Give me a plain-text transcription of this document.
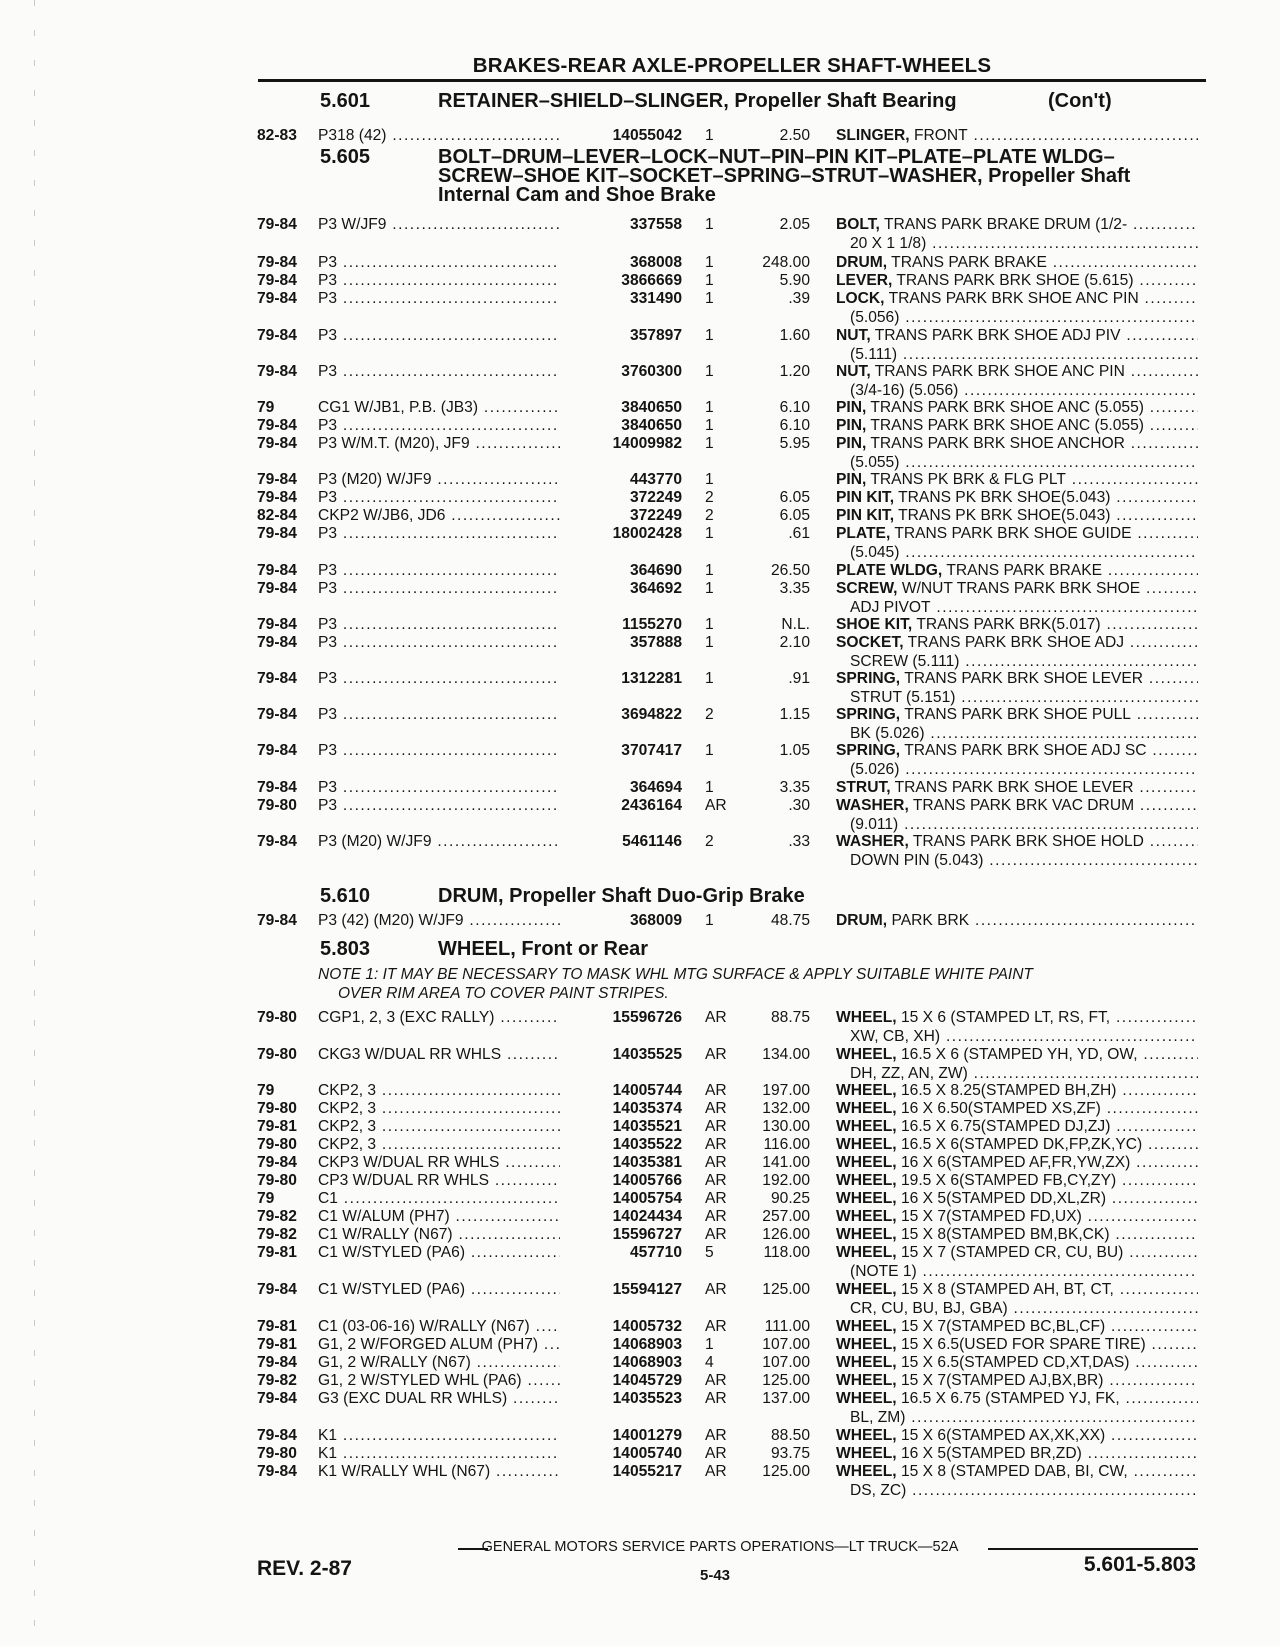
BRAKES-REAR AXLE-PROPELLER SHAFT-WHEELS
5.601	RETAINER–SHIELD–SLINGER, Propeller Shaft Bearing	(Con't)
82-83 P318 (42) .....	14055042 1	2.50 SLINGER, FRONT .....
5.605	BOLT–DRUM–LEVER–LOCK–NUT–PIN–PIN KIT–PLATE–PLATE WLDG–SCREW–SHOE KIT–SOCKET–SPRING–STRUT–WASHER, Propeller Shaft Internal Cam and Shoe Brake
79-84 P3 W/JF9 .....	337558 1	2.05 BOLT, TRANS PARK BRAKE DRUM (1/2- .....
20 X 1 1/8) .....
79-84 P3 .....	368008 1	248.00 DRUM, TRANS PARK BRAKE .....
79-84 P3 .....	3866669 1	5.90 LEVER, TRANS PARK BRK SHOE (5.615) .....
79-84 P3 .....	331490 1	.39 LOCK, TRANS PARK BRK SHOE ANC PIN .....
(5.056) .....
79-84 P3 .....	357897 1	1.60 NUT, TRANS PARK BRK SHOE ADJ PIV .....
(5.111) .....
79-84 P3 .....	3760300 1	1.20 NUT, TRANS PARK BRK SHOE ANC PIN .....
(3/4-16) (5.056) .....
79	CG1 W/JB1, P.B. (JB3) .....	3840650 1	6.10 PIN, TRANS PARK BRK SHOE ANC (5.055) .....
79-84 P3 .....	3840650 1	6.10 PIN, TRANS PARK BRK SHOE ANC (5.055) .....
79-84 P3 W/M.T. (M20), JF9 .....	14009982 1	5.95 PIN, TRANS PARK BRK SHOE ANCHOR .....
(5.055) .....
79-84 P3 (M20) W/JF9 .....	443770 1	PIN, TRANS PK BRK & FLG PLT .....
79-84 P3 .....	372249 2	6.05 PIN KIT, TRANS PK BRK SHOE(5.043) .....
82-84 CKP2 W/JB6, JD6 .....	372249 2	6.05 PIN KIT, TRANS PK BRK SHOE(5.043) .....
79-84 P3 .....	18002428 1	.61 PLATE, TRANS PARK BRK SHOE GUIDE .....
(5.045) .....
79-84 P3 .....	364690 1	26.50 PLATE WLDG, TRANS PARK BRAKE .....
79-84 P3 .....	364692 1	3.35 SCREW, W/NUT TRANS PARK BRK SHOE .....
ADJ PIVOT .....
79-84 P3 .....	1155270 1	N.L. SHOE KIT, TRANS PARK BRK(5.017) .....
79-84 P3 .....	357888 1	2.10 SOCKET, TRANS PARK BRK SHOE ADJ .....
SCREW (5.111) .....
79-84 P3 .....	1312281 1	.91 SPRING, TRANS PARK BRK SHOE LEVER .....
STRUT (5.151) .....
79-84 P3 .....	3694822 2	1.15 SPRING, TRANS PARK BRK SHOE PULL .....
BK (5.026) .....
79-84 P3 .....	3707417 1	1.05 SPRING, TRANS PARK BRK SHOE ADJ SC .....
(5.026) .....
79-84 P3 .....	364694 1	3.35 STRUT, TRANS PARK BRK SHOE LEVER .....
79-80 P3 .....	2436164 AR	.30 WASHER, TRANS PARK BRK VAC DRUM .....
(9.011) .....
79-84 P3 (M20) W/JF9 .....	5461146 2	.33 WASHER, TRANS PARK BRK SHOE HOLD .....
DOWN PIN (5.043) .....
5.610	DRUM, Propeller Shaft Duo-Grip Brake
79-84 P3 (42) (M20) W/JF9 .....	368009 1	48.75 DRUM, PARK BRK .....
5.803	WHEEL, Front or Rear
NOTE 1: IT MAY BE NECESSARY TO MASK WHL MTG SURFACE & APPLY SUITABLE WHITE PAINT
OVER RIM AREA TO COVER PAINT STRIPES.
79-80 CGP1, 2, 3 (EXC RALLY) .....	15596726 AR	88.75 WHEEL, 15 X 6 (STAMPED LT, RS, FT, .....
XW, CB, XH) .....
79-80 CKG3 W/DUAL RR WHLS .....	14035525 AR	134.00 WHEEL, 16.5 X 6 (STAMPED YH, YD, OW, .....
DH, ZZ, AN, ZW) .....
79	CKP2, 3 .....	14005744 AR	197.00 WHEEL, 16.5 X 8.25(STAMPED BH,ZH) .....
79-80 CKP2, 3 .....	14035374 AR	132.00 WHEEL, 16 X 6.50(STAMPED XS,ZF) .....
79-81 CKP2, 3 .....	14035521 AR	130.00 WHEEL, 16.5 X 6.75(STAMPED DJ,ZJ) .....
79-80 CKP2, 3 .....	14035522 AR	116.00 WHEEL, 16.5 X 6(STAMPED DK,FP,ZK,YC) .....
79-84 CKP3 W/DUAL RR WHLS .....	14035381 AR	141.00 WHEEL, 16 X 6(STAMPED AF,FR,YW,ZX) .....
79-80 CP3 W/DUAL RR WHLS .....	14005766 AR	192.00 WHEEL, 19.5 X 6(STAMPED FB,CY,ZY) .....
79	C1 .....	14005754 AR	90.25 WHEEL, 16 X 5(STAMPED DD,XL,ZR) .....
79-82 C1 W/ALUM (PH7) .....	14024434 AR	257.00 WHEEL, 15 X 7(STAMPED FD,UX) .....
79-82 C1 W/RALLY (N67) .....	15596727 AR	126.00 WHEEL, 15 X 8(STAMPED BM,BK,CK) .....
79-81 C1 W/STYLED (PA6) .....	457710 5	118.00 WHEEL, 15 X 7 (STAMPED CR, CU, BU) .....
(NOTE 1) .....
79-84 C1 W/STYLED (PA6) .....	15594127 AR	125.00 WHEEL, 15 X 8 (STAMPED AH, BT, CT, .....
CR, CU, BU, BJ, GBA) .....
79-81 C1 (03-06-16) W/RALLY (N67) .....	14005732 AR	111.00 WHEEL, 15 X 7(STAMPED BC,BL,CF) .....
79-81 G1, 2 W/FORGED ALUM (PH7) .....	14068903 1	107.00 WHEEL, 15 X 6.5(USED FOR SPARE TIRE) .....
79-84 G1, 2 W/RALLY (N67) .....	14068903 4	107.00 WHEEL, 15 X 6.5(STAMPED CD,XT,DAS) .....
79-82 G1, 2 W/STYLED WHL (PA6) .....	14045729 AR	125.00 WHEEL, 15 X 7(STAMPED AJ,BX,BR) .....
79-84 G3 (EXC DUAL RR WHLS) .....	14035523 AR	137.00 WHEEL, 16.5 X 6.75 (STAMPED YJ, FK, .....
BL, ZM) .....
79-84 K1 .....	14001279 AR	88.50 WHEEL, 15 X 6(STAMPED AX,XK,XX) .....
79-80 K1 .....	14005740 AR	93.75 WHEEL, 16 X 5(STAMPED BR,ZD) .....
79-84 K1 W/RALLY WHL (N67) .....	14055217 AR	125.00 WHEEL, 15 X 8 (STAMPED DAB, BI, CW, .....
DS, ZC) .....
GENERAL MOTORS SERVICE PARTS OPERATIONS—LT TRUCK—52A
REV. 2-87	5-43	5.601-5.803
